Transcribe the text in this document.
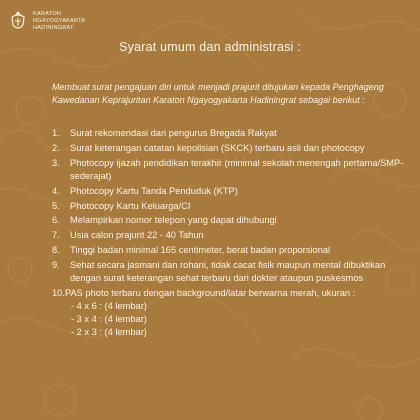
KARATON
NGAYOGYAKARTA
HADININGRAT
Syarat umum dan administrasi :
Membuat surat pengajuan diri untuk menjadi prajurit ditujukan kepada Penghageng Kawedanan Keprajuritan Karaton Ngayogyakarta Hadiningrat sebagai berikut :
1.	Surat rekomendasi dari pengurus Bregada Rakyat
2.	Surat keterangan catatan kepolisian (SKCK) terbaru asli dan photocopy
3.	Photocopy ijazah pendidikan terakhir (minimal sekolah menengah pertama/SMP-sederajat)
4.	Photocopy Kartu Tanda Penduduk (KTP)
5.	Photocopy Kartu Keluarga/CI
6.	Melampirkan nomor telepon yang dapat dihubungi
7.	Usia calon prajurit 22 - 40 Tahun
8.	Tinggi badan minimal 165 centimeter, berat badan proporsional
9.	Sehat secara jasmani dan rohani, tidak cacat fisik maupun mental dibuktikan dengan surat keterangan sehat terbaru dari dokter ataupun puskesmos
10. PAS photo terbaru dengan background/latar berwarna merah, ukuran :
- 4 x 6 : (4 lembar)
- 3 x 4 : (4 lembar)
- 2 x 3 : (4 lembar)
